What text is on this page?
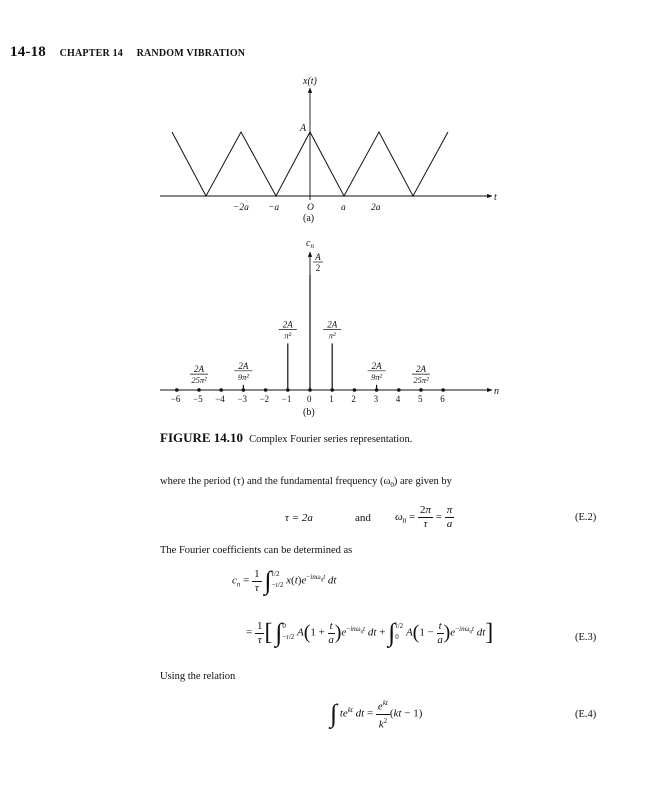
14-18 CHAPTER 14 RANDOM VIBRATION
x(t)
t
A
−2a −a	O	a	2a
(a)
$c_n$
n
−6 −5 −4 −3 −2 −1 0 1 2 3 4 5 6
2A
25π²
2A
9π²
2A
π²
2A
π²
2A
9π²
2A
25π²
A
2
(b)
FIGURE 14.10 Complex Fourier series representation.
where the period (τ) and the fundamental frequency $(\omega_0)$ are given by
τ = 2a	and $\omega_0 = \frac{2\pi}{\tau} = \frac{\pi}{a}$	(E.2)
The Fourier coefficients can be determined as
$c_n = \frac{1}{\tau}$ ∫ τ/2
−τ/2 $x(t)e^{-in\omega_0t}$ dt
= $\frac{1}{\tau}$ [ ∫ 0
−τ/2 $A(1 + \frac{t}{a} )e^{-in\omega_0t}$ dt + ∫ τ/2
0 $A(1 - \frac{t}{a} )e^{-in\omega_0t}$ dt]	(E.3)
Using the relation
∫ $te^{kt}$ dt = $\frac{e^{kt}}{k^2} (kt - 1)$	(E.4)
